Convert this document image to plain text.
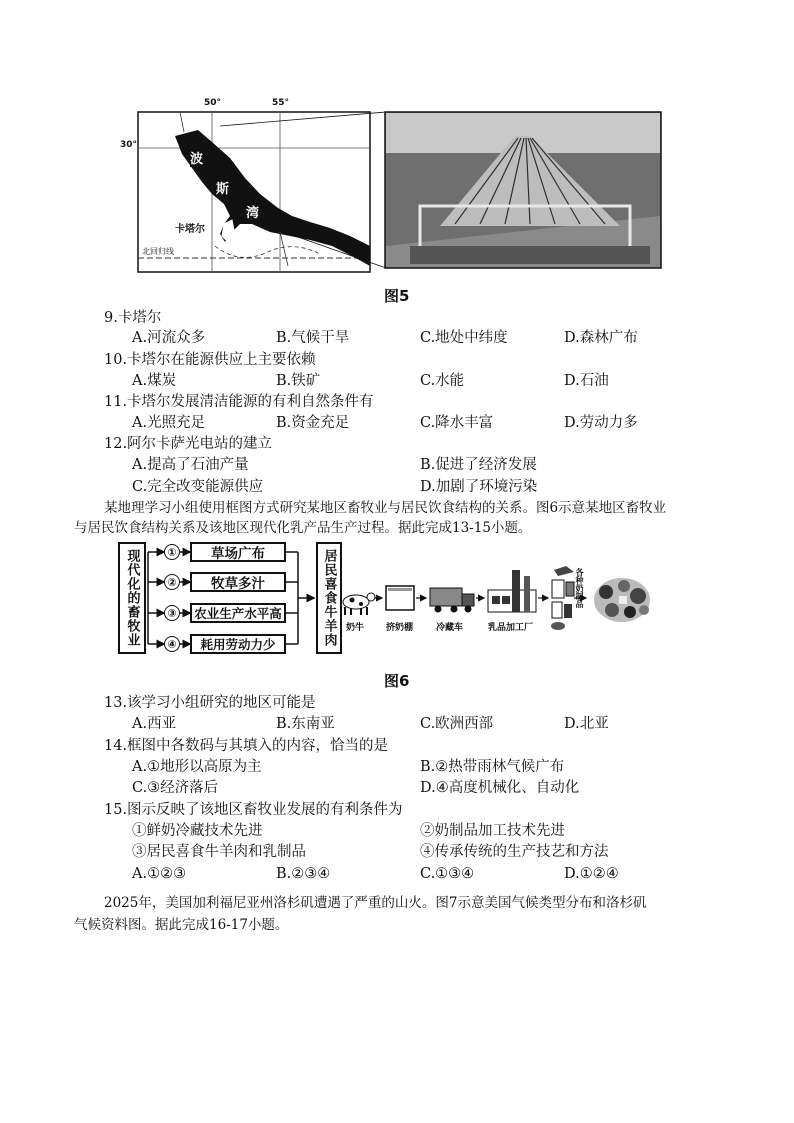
50°	55°
30°
波
斯
湾
卡塔尔
北回归线
图5
9.卡塔尔
A.河流众多	B.气候干旱	C.地处中纬度	D.森林广布
10.卡塔尔在能源供应上主要依赖
A.煤炭	B.铁矿	C.水能	D.石油
11.卡塔尔发展清洁能源的有利自然条件有
A.光照充足	B.资金充足	C.降水丰富	D.劳动力多
12.阿尔卡萨光电站的建立
A.提高了石油产量	B.促进了经济发展
C.完全改变能源供应	D.加剧了环境污染
某地理学习小组使用框图方式研究某地区畜牧业与居民饮食结构的关系。图6示意某地区畜牧业
与居民饮食结构关系及该地区现代化乳产品生产过程。据此完成13-15小题。
现代化的畜牧业	①
②
③
④
草场广布
牧草多汁
农业生产水平高
耗用劳动力少	居民喜食牛羊肉	奶牛 挤奶棚	冷藏车	乳品加工厂
各种奶制品
图6
13.该学习小组研究的地区可能是
A.西亚	B.东南亚	C.欧洲西部	D.北亚
14.框图中各数码与其填入的内容，恰当的是
A.①地形以高原为主	B.②热带雨林气候广布
C.③经济落后	D.④高度机械化、自动化
15.图示反映了该地区畜牧业发展的有利条件为
①鲜奶冷藏技术先进	②奶制品加工技术先进
③居民喜食牛羊肉和乳制品	④传承传统的生产技艺和方法
A.①②③	B.②③④	C.①③④	D.①②④
2025年，美国加利福尼亚州洛杉矶遭遇了严重的山火。图7示意美国气候类型分布和洛杉矶
气候资料图。据此完成16-17小题。
